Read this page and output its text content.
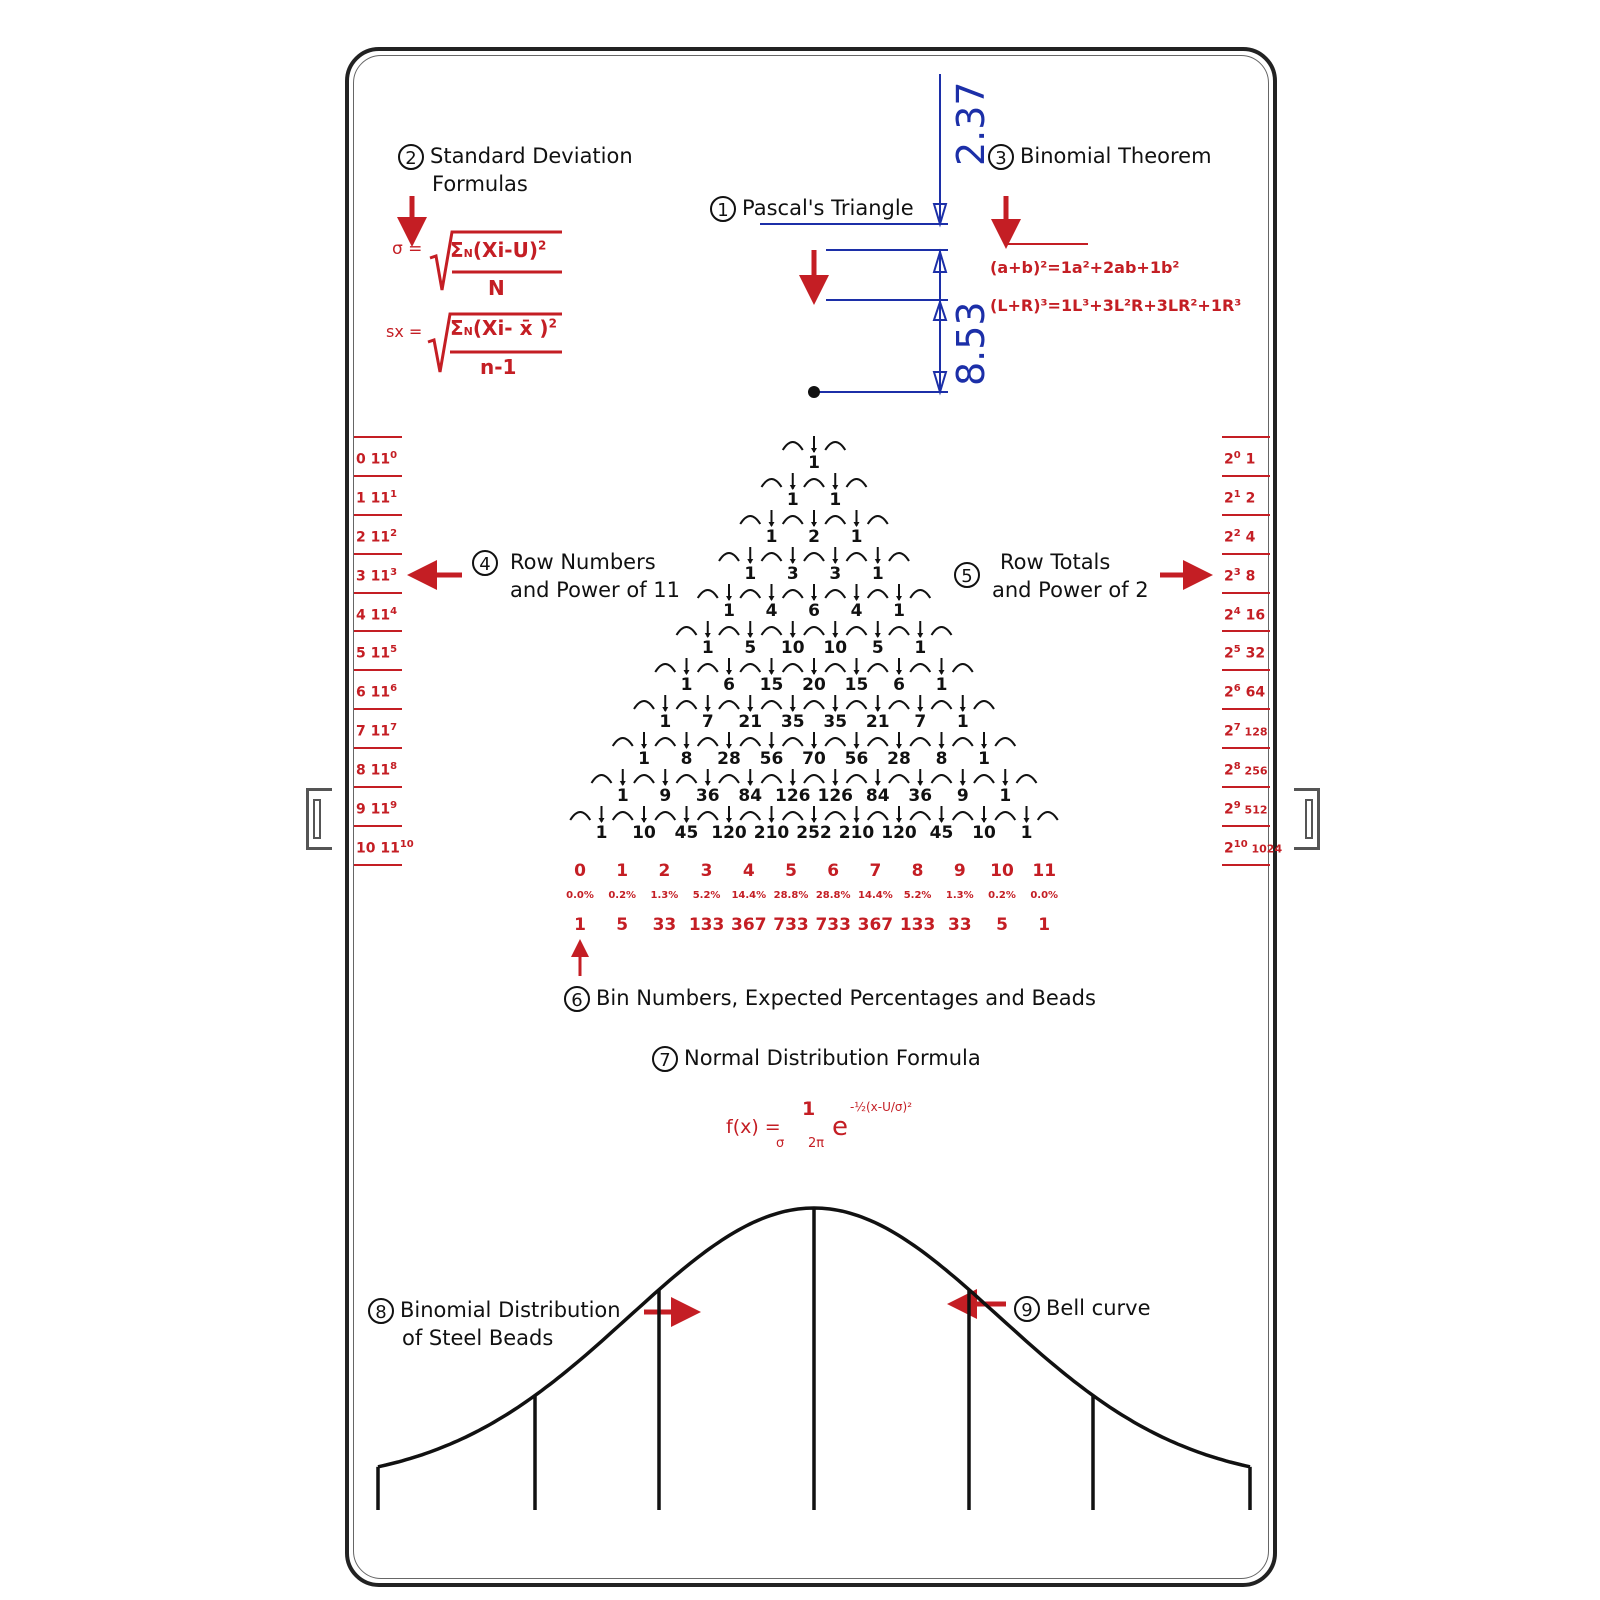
2 Standard Deviation
Formulas
1 Pascal's Triangle
3 Binomial Theorem
$\sigma = \Sigma N(Xi-U)^2$
N
sx = ΣN(Xi- x̄ )$^2$
n-1
(a+b)²=1a²+2ab+1b²
(L+R)³=1L³+3L²R+3LR²+1R³
0 $11^0$
1 $11^1$
2 $11^2$
3 $11^3$
4 $11^4$
5 $11^5$
6 $11^6$
7 $11^7$
8 $11^8$
9 $11^9$
10 $11^{10}$
$2^0$ 1
$2^1$ 2
$2^2$ 4
$2^3$ 8
$2^4$ 16
$2^5$ 32
$2^6$ 64
$2^7$ 128
$2^8$ 256
$2^9$ 512
$2^{10}$ 1024
4 Row Numbers
and Power of 11
5
Row Totals
and Power of 2
6 Bin Numbers, Expected Percentages and Beads
7 Normal Distribution Formula
f(x) =
1
σ 2π
e
-½(x-U/σ)²
8 Binomial Distribution
of Steel Beads
9 Bell curve
2.37
8.53
1
1 1
1 2 1
1 3 3 1
1 4 6 4 1
1 5 10 10 5 1
1 6 15 20 15 6 1
1 7 21 35 35 21 7 1
1 8 28 56 70 56 28 8 1
1 9 36 84 126 126 84 36 9 1
1 10 45 120 210 252 210 120 45 10 1
0
0.0%
1
1
0.2%
5
2
1.3%
33
3
5.2%
133
4
14.4%
367
5
28.8%
733
6
28.8%
733
7
14.4%
367
8
5.2%
133
9
1.3%
33
10
0.2%
5
11
0.0%
1
